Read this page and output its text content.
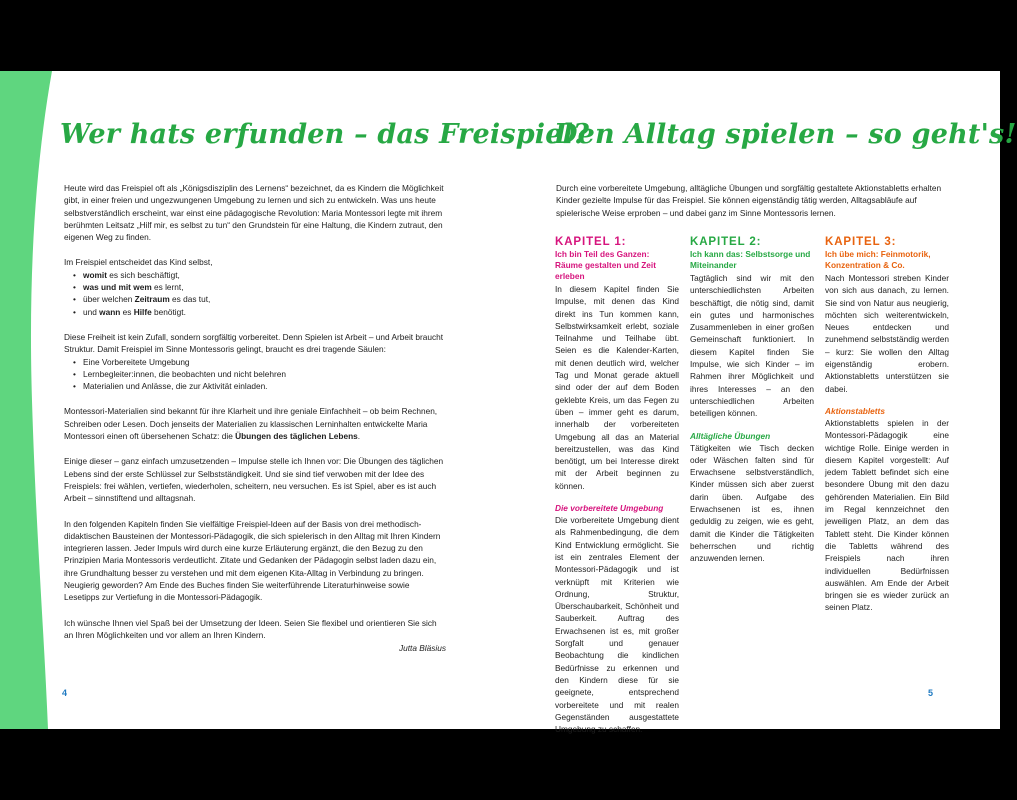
Wer hats erfunden – das Freispiel?

Heute wird das Freispiel oft als „Königsdisziplin des Lernens“ bezeichnet, da es Kindern die Möglichkeit gibt, in einer freien und ungezwungenen Umgebung zu lernen und sich zu entwickeln. Was uns heute selbstverständlich erscheint, war einst eine pädagogische Revolution: Maria Montessori legte mit ihrem berühmten Leitsatz „Hilf mir, es selbst zu tun“ den Grundstein für eine Haltung, die Kindern zutraut, den eigenen Weg zu finden.

Im Freispiel entscheidet das Kind selbst,
• womit es sich beschäftigt,
• was und mit wem es lernt,
• über welchen Zeitraum es das tut,
• und wann es Hilfe benötigt.
Diese Freiheit ist kein Zufall, sondern sorgfältig vorbereitet. Denn Spielen ist Arbeit – und Arbeit braucht Struktur. Damit Freispiel im Sinne Montessoris gelingt, braucht es drei tragende Säulen:
• Eine Vorbereitete Umgebung
• Lernbegleiter:innen, die beobachten und nicht belehren
• Materialien und Anlässe, die zur Aktivität einladen.

Montessori-Materialien sind bekannt für ihre Klarheit und ihre geniale Einfachheit – ob beim Rechnen, Schreiben oder Lesen. Doch jenseits der Materialien zu klassischen Lerninhalten entwickelte Maria Montessori einen oft übersehenen Schatz: die Übungen des täglichen Lebens.

Einige dieser – ganz einfach umzusetzenden – Impulse stelle ich Ihnen vor: Die Übungen des täglichen Lebens sind der erste Schlüssel zur Selbstständigkeit. Und sie sind tief verwoben mit der Idee des Freispiels: frei wählen, vertiefen, wiederholen, scheitern, neu versuchen. Es ist Spiel, aber es ist auch Arbeit – sinnstiftend und alltagsnah.

In den folgenden Kapiteln finden Sie vielfältige Freispiel-Ideen auf der Basis von drei methodisch-didaktischen Bausteinen der Montessori-Pädagogik, die sich spielerisch in den Alltag mit Ihren Kindern integrieren lassen. Jeder Impuls wird durch eine kurze Erläuterung ergänzt, die den Bezug zu den Prinzipien Maria Montessoris verdeutlicht. Zitate und Gedanken der Pädagogin selbst laden dazu ein, ihre Grundhaltung besser zu verstehen und mit dem eigenen Kita-Alltag in Verbindung zu bringen. Neugierig geworden? Am Ende des Buches finden Sie weiterführende Literaturhinweise sowie Lesetipps zur Vertiefung in die Montessori-Pädagogik.

Ich wünsche Ihnen viel Spaß bei der Umsetzung der Ideen. Seien Sie flexibel und orientieren Sie sich an Ihren Möglichkeiten und vor allem an Ihren Kindern.

Jutta Bläsius
4
Den Alltag spielen – so geht's!
Durch eine vorbereitete Umgebung, alltägliche Übungen und sorgfältig gestaltete Aktionstabletts erhalten Kinder gezielte Impulse für das Freispiel. Sie können eigenständig tätig werden, Alltagsabläufe auf spielerische Weise erproben – und dabei ganz im Sinne Montessoris lernen.
KAPITEL 1:
Ich bin Teil des Ganzen: Räume gestalten und Zeit erleben

In diesem Kapitel finden Sie Impulse, mit denen das Kind direkt ins Tun kommen kann, Selbstwirksamkeit erlebt, soziale Teilnahme und Teilhabe übt. Seien es die Kalender-Karten, mit denen deutlich wird, welcher Tag und Monat gerade aktuell sind oder der auf dem Boden geklebte Kreis, um das Fegen zu üben – immer geht es darum, innerhalb der vorbereiteten Umgebung all das an Material bereitzustellen, was das Kind benötigt, um bei Interesse direkt mit der Arbeit beginnen zu können.

Die vorbereitete Umgebung

Die vorbereitete Umgebung dient als Rahmenbedingung, die dem Kind Entwicklung ermöglicht. Sie ist ein zentrales Element der Montessori-Pädagogik und ist verknüpft mit Kriterien wie Ordnung, Struktur, Überschaubarkeit, Schönheit und Sauberkeit. Auftrag des Erwachsenen ist es, mit großer Sorgfalt und genauer Beobachtung die kindlichen Bedürfnisse zu erkennen und den Kindern diese für sie geeignete, entsprechend vorbereitete und mit realen Gegenständen ausgestattete Umgebung zu schaffen.

KAPITEL 2:
Ich kann das: Selbstsorge und Miteinander

Tagtäglich sind wir mit den unterschiedlichsten Arbeiten beschäftigt, die nötig sind, damit ein gutes und harmonisches Zusammenleben in einer großen Gemeinschaft funktioniert. In diesem Kapitel finden Sie Impulse, wie sich Kinder – im Rahmen ihrer Möglichkeit und ihres Interesses – an den unterschiedlichen Arbeiten beteiligen können.

Alltägliche Übungen

Tätigkeiten wie Tisch decken oder Wäschen falten sind für Erwachsene selbstverständlich, Kinder müssen sich aber zuerst darin üben. Aufgabe des Erwachsenen ist es, ihnen geduldig zu zeigen, wie es geht, damit die Kinder die Tätigkeiten beherrschen und richtig anzuwenden lernen.

KAPITEL 3:
Ich übe mich: Feinmotorik, Konzentration & Co.

Nach Montessori streben Kinder von sich aus danach, zu lernen. Sie sind von Natur aus neugierig, möchten sich weiterentwickeln, Neues entdecken und zunehmend selbstständig werden – kurz: Sie wollen den Alltag eigenständig erobern. Aktionstabletts unterstützen sie dabei.

Aktionstabletts

Aktionstabletts spielen in der Montessori-Pädagogik eine wichtige Rolle. Einige werden in diesem Kapitel vorgestellt: Auf jedem Tablett befindet sich eine besondere Übung mit den dazu gehörenden Materialien. Ein Bild im Regal kennzeichnet den jeweiligen Platz, an dem das Tablett steht. Die Kinder können die Tabletts während des Freispiels nach ihren individuellen Bedürfnissen auswählen. Am Ende der Arbeit bringen sie es wieder zurück an seinen Platz.

5
